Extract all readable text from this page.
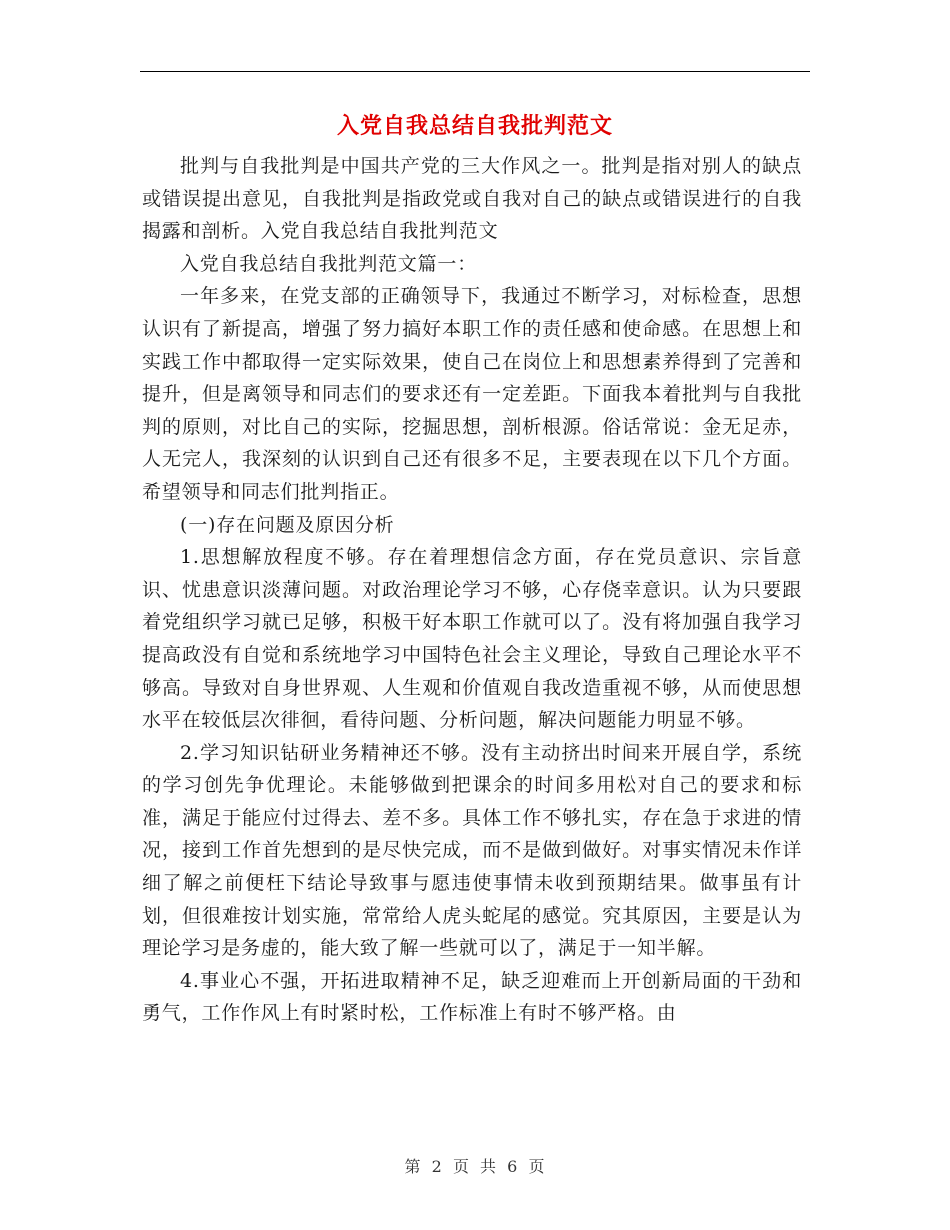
入党自我总结自我批判范文

批判与自我批判是中国共产党的三大作风之一。批判是指对别人的缺点或错误提出意见，自我批判是指政党或自我对自己的缺点或错误进行的自我揭露和剖析。入党自我总结自我批判范文

入党自我总结自我批判范文篇一：

一年多来，在党支部的正确领导下，我通过不断学习，对标检查，思想认识有了新提高，增强了努力搞好本职工作的责任感和使命感。在思想上和实践工作中都取得一定实际效果，使自己在岗位上和思想素养得到了完善和提升，但是离领导和同志们的要求还有一定差距。下面我本着批判与自我批判的原则，对比自己的实际，挖掘思想，剖析根源。俗话常说：金无足赤，人无完人，我深刻的认识到自己还有很多不足，主要表现在以下几个方面。希望领导和同志们批判指正。

(一)存在问题及原因分析

1.思想解放程度不够。存在着理想信念方面，存在党员意识、宗旨意识、忧患意识淡薄问题。对政治理论学习不够，心存侥幸意识。认为只要跟着党组织学习就已足够，积极干好本职工作就可以了。没有将加强自我学习提高政没有自觉和系统地学习中国特色社会主义理论，导致自己理论水平不够高。导致对自身世界观、人生观和价值观自我改造重视不够，从而使思想水平在较低层次徘徊，看待问题、分析问题，解决问题能力明显不够。

2.学习知识钻研业务精神还不够。没有主动挤出时间来开展自学，系统的学习创先争优理论。未能够做到把课余的时间多用松对自己的要求和标准，满足于能应付过得去、差不多。具体工作不够扎实，存在急于求进的情况，接到工作首先想到的是尽快完成，而不是做到做好。对事实情况未作详细了解之前便枉下结论导致事与愿违使事情未收到预期结果。做事虽有计划，但很难按计划实施，常常给人虎头蛇尾的感觉。究其原因，主要是认为理论学习是务虚的，能大致了解一些就可以了，满足于一知半解。

4.事业心不强，开拓进取精神不足，缺乏迎难而上开创新局面的干劲和勇气，工作作风上有时紧时松，工作标准上有时不够严格。由

第 2 页 共 6 页
